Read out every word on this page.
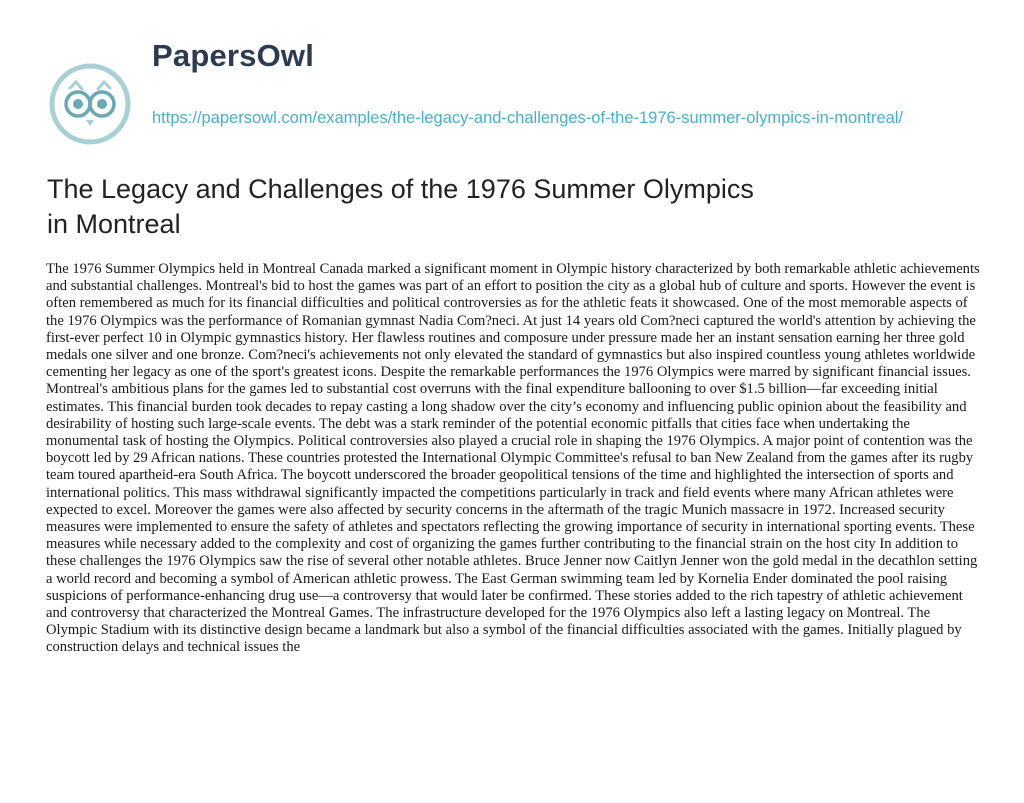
PapersOwl
https://papersowl.com/examples/the-legacy-and-challenges-of-the-1976-summer-olympics-in-montreal/
The Legacy and Challenges of the 1976 Summer Olympics in Montreal

The 1976 Summer Olympics held in Montreal Canada marked a significant moment in Olympic history characterized by both remarkable athletic achievements and substantial challenges. Montreal's bid to host the games was part of an effort to position the city as a global hub of culture and sports. However the event is often remembered as much for its financial difficulties and political controversies as for the athletic feats it showcased. One of the most memorable aspects of the 1976 Olympics was the performance of Romanian gymnast Nadia Com?neci. At just 14 years old Com?neci captured the world's attention by achieving the first-ever perfect 10 in Olympic gymnastics history. Her flawless routines and composure under pressure made her an instant sensation earning her three gold medals one silver and one bronze. Com?neci's achievements not only elevated the standard of gymnastics but also inspired countless young athletes worldwide cementing her legacy as one of the sport's greatest icons. Despite the remarkable performances the 1976 Olympics were marred by significant financial issues. Montreal's ambitious plans for the games led to substantial cost overruns with the final expenditure ballooning to over $1.5 billion—far exceeding initial estimates. This financial burden took decades to repay casting a long shadow over the city’s economy and influencing public opinion about the feasibility and desirability of hosting such large-scale events. The debt was a stark reminder of the potential economic pitfalls that cities face when undertaking the monumental task of hosting the Olympics. Political controversies also played a crucial role in shaping the 1976 Olympics. A major point of contention was the boycott led by 29 African nations. These countries protested the International Olympic Committee's refusal to ban New Zealand from the games after its rugby team toured apartheid-era South Africa. The boycott underscored the broader geopolitical tensions of the time and highlighted the intersection of sports and international politics. This mass withdrawal significantly impacted the competitions particularly in track and field events where many African athletes were expected to excel. Moreover the games were also affected by security concerns in the aftermath of the tragic Munich massacre in 1972. Increased security measures were implemented to ensure the safety of athletes and spectators reflecting the growing importance of security in international sporting events. These measures while necessary added to the complexity and cost of organizing the games further contributing to the financial strain on the host city In addition to these challenges the 1976 Olympics saw the rise of several other notable athletes. Bruce Jenner now Caitlyn Jenner won the gold medal in the decathlon setting a world record and becoming a symbol of American athletic prowess. The East German swimming team led by Kornelia Ender dominated the pool raising suspicions of performance-enhancing drug use—a controversy that would later be confirmed. These stories added to the rich tapestry of athletic achievement and controversy that characterized the Montreal Games. The infrastructure developed for the 1976 Olympics also left a lasting legacy on Montreal. The Olympic Stadium with its distinctive design became a landmark but also a symbol of the financial difficulties associated with the games. Initially plagued by construction delays and technical issues the
